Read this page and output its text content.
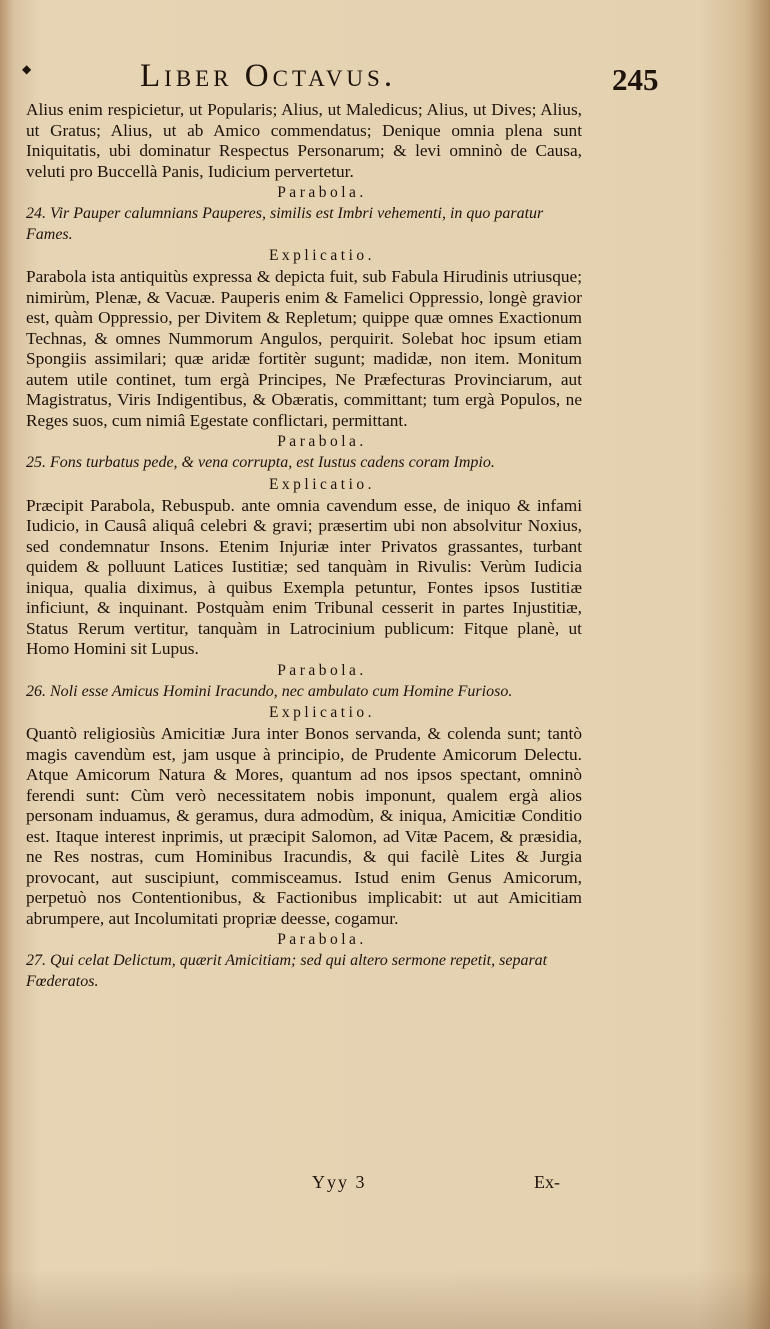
◆	Liber Octavus.	245

Alius enim respicietur, ut Popularis; Alius, ut Maledicus; Alius, ut Dives; Alius, ut Gratus; Alius, ut ab Amico commendatus; Denique omnia plena sunt Iniquitatis, ubi dominatur Respectus Personarum; & levi omninò de Causa, veluti pro Buccellà Panis, Iudicium pervertetur.

Parabola.

24. Vir Pauper calumnians Pauperes, similis est Imbri vehementi, in quo paratur Fames.

Explicatio.

Parabola ista antiquitùs expressa & depicta fuit, sub Fabula Hirudinis utriusque; nimirùm, Plenæ, & Vacuæ. Pauperis enim & Famelici Oppressio, longè gravior est, quàm Oppressio, per Divitem & Repletum; quippe quæ omnes Exactionum Technas, & omnes Nummorum Angulos, perquirit. Solebat hoc ipsum etiam Spongiis assimilari; quæ aridæ fortitèr sugunt; madidæ, non item. Monitum autem utile continet, tum ergà Principes, Ne Præfecturas Provinciarum, aut Magistratus, Viris Indigentibus, & Obæratis, committant; tum ergà Populos, ne Reges suos, cum nimiâ Egestate conflictari, permittant.

Parabola.

25. Fons turbatus pede, & vena corrupta, est Iustus cadens coram Impio.

Explicatio.

Præcipit Parabola, Rebuspub. ante omnia cavendum esse, de iniquo & infami Iudicio, in Causâ aliquâ celebri & gravi; præsertim ubi non absolvitur Noxius, sed condemnatur Insons. Etenim Injuriæ inter Privatos grassantes, turbant quidem & polluunt Latices Iustitiæ; sed tanquàm in Rivulis: Verùm Iudicia iniqua, qualia diximus, à quibus Exempla petuntur, Fontes ipsos Iustitiæ inficiunt, & inquinant. Postquàm enim Tribunal cesserit in partes Injustitiæ, Status Rerum vertitur, tanquàm in Latrocinium publicum: Fitque planè, ut Homo Homini sit Lupus.

Parabola.

26. Noli esse Amicus Homini Iracundo, nec ambulato cum Homine Furioso.

Explicatio.

Quantò religiosiùs Amicitiæ Jura inter Bonos servanda, & colenda sunt; tantò magis cavendùm est, jam usque à principio, de Prudente Amicorum Delectu. Atque Amicorum Natura & Mores, quantum ad nos ipsos spectant, omninò ferendi sunt: Cùm verò necessitatem nobis imponunt, qualem ergà alios personam induamus, & geramus, dura admodùm, & iniqua, Amicitiæ Conditio est. Itaque interest inprimis, ut præcipit Salomon, ad Vitæ Pacem, & præsidia, ne Res nostras, cum Hominibus Iracundis, & qui facilè Lites & Jurgia provocant, aut suscipiunt, commisceamus. Istud enim Genus Amicorum, perpetuò nos Contentionibus, & Factionibus implicabit: ut aut Amicitiam abrumpere, aut Incolumitati propriæ deesse, cogamur.

Parabola.

27. Qui celat Delictum, quærit Amicitiam; sed qui altero sermone repetit, separat Fœderatos.

Yyy 3	Ex-
